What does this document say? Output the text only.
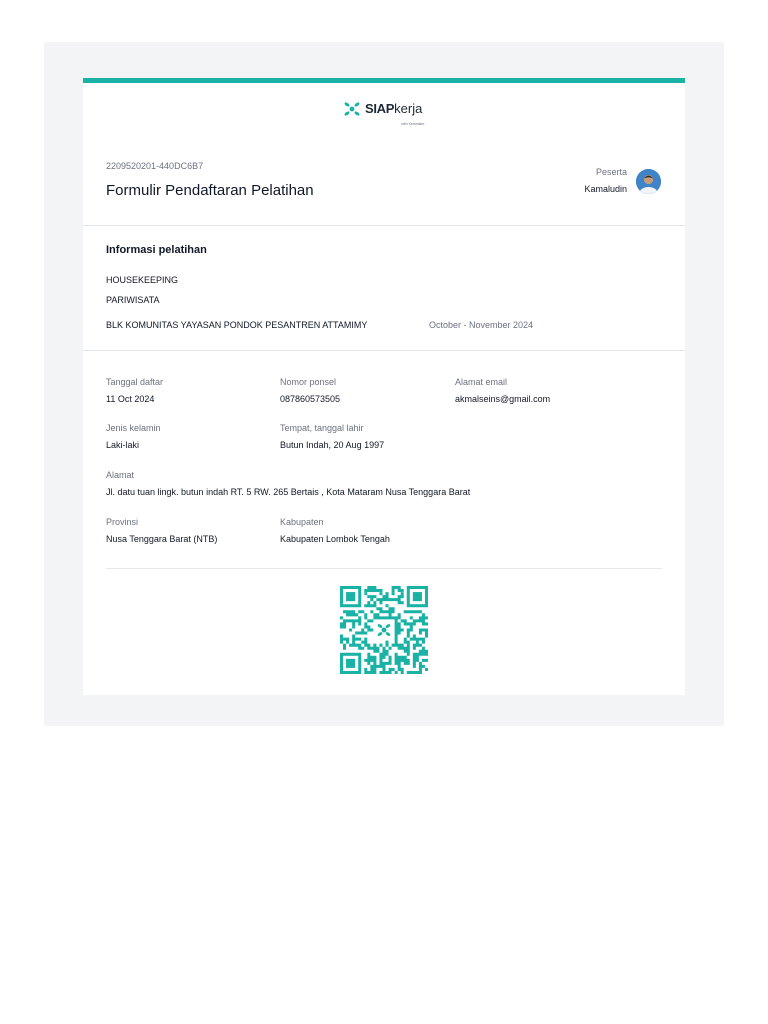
SIAPkerja
oleh Kemnaker
2209520201-440DC6B7
Formulir Pendaftaran Pelatihan
Peserta
Kamaludin
Informasi pelatihan
HOUSEKEEPING
PARIWISATA
BLK KOMUNITAS YAYASAN PONDOK PESANTREN ATTAMIMY	October - November 2024
Tanggal daftar
11 Oct 2024
Nomor ponsel
087860573505
Alamat email
akmalseins@gmail.com
Jenis kelamin
Laki-laki
Tempat, tanggal lahir
Butun Indah, 20 Aug 1997
Alamat
Jl. datu tuan lingk. butun indah RT. 5 RW. 265 Bertais , Kota Mataram Nusa Tenggara Barat
Provinsi
Nusa Tenggara Barat (NTB)
Kabupaten
Kabupaten Lombok Tengah
